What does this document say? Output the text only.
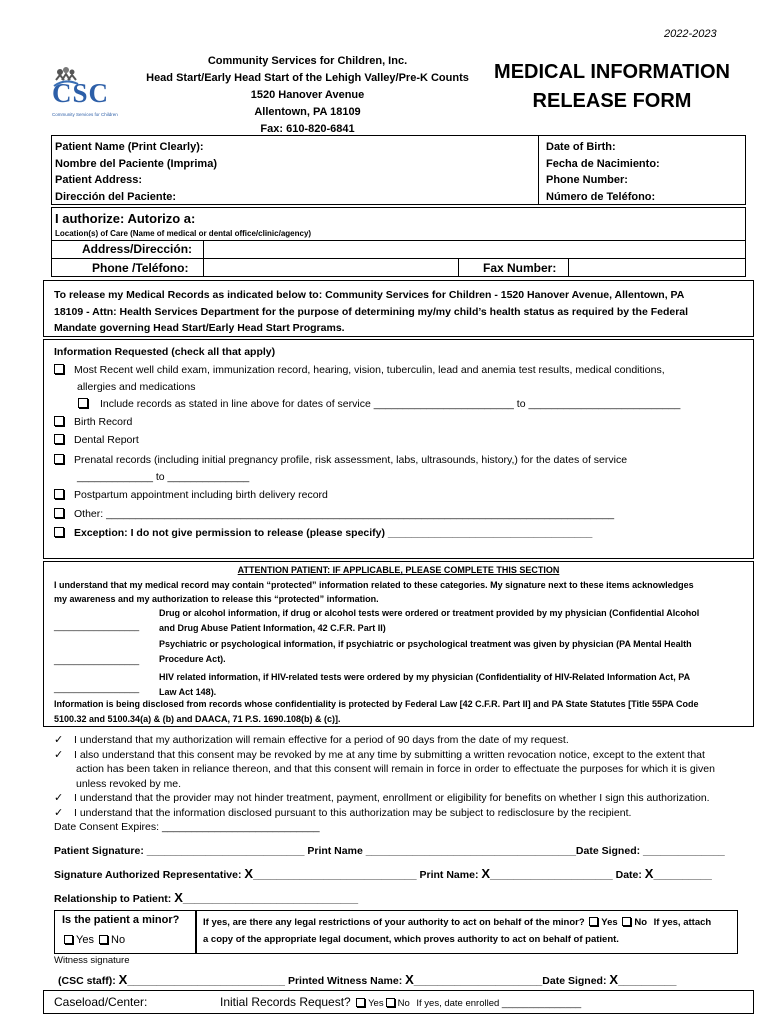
2022-2023
CSC
Community Services for Children
Community Services for Children, Inc.
Head Start/Early Head Start of the Lehigh Valley/Pre-K Counts
1520 Hanover Avenue
Allentown, PA 18109
Fax: 610-820-6841
MEDICAL INFORMATION
RELEASE FORM
Patient Name (Print Clearly):
Nombre del Paciente (Imprima)
Patient Address:
Dirección del Paciente:
Date of Birth:
Fecha de Nacimiento:
Phone Number:
Número de Teléfono:
I authorize: Autorizo a:
Location(s) of Care (Name of medical or dental office/clinic/agency)
Address/Dirección:
Phone /Teléfono:	Fax Number:
To release my Medical Records as indicated below to: Community Services for Children - 1520 Hanover Avenue, Allentown, PA
18109 - Attn: Health Services Department for the purpose of determining my/my child’s health status as required by the Federal
Mandate governing Head Start/Early Head Start Programs.
Information Requested (check all that apply)
Most Recent well child exam, immunization record, hearing, vision, tuberculin, lead and anemia test results, medical conditions,
allergies and medications
Include records as stated in line above for dates of service ________________________ to __________________________
Birth Record
Dental Report
Prenatal records (including initial pregnancy profile, risk assessment, labs, ultrasounds, history,) for the dates of service
_____________ to ______________
Postpartum appointment including birth delivery record
Other: _______________________________________________________________________________________
Exception: I do not give permission to release (please specify) ___________________________________
ATTENTION PATIENT: IF APPLICABLE, PLEASE COMPLETE THIS SECTION
I understand that my medical record may contain “protected” information related to these categories. My signature next to these items acknowledges
my awareness and my authorization to release this “protected” information.
_________________
Drug or alcohol information, if drug or alcohol tests were ordered or treatment provided by my physician (Confidential Alcohol
and Drug Abuse Patient Information, 42 C.F.R. Part II)
_________________
Psychiatric or psychological information, if psychiatric or psychological treatment was given by physician (PA Mental Health
Procedure Act).
_________________
HIV related information, if HIV-related tests were ordered by my physician (Confidentiality of HIV-Related Information Act, PA
Law Act 148).
Information is being disclosed from records whose confidentiality is protected by Federal Law [42 C.F.R. Part II] and PA State Statutes [Title 55PA Code
5100.32 and 5100.34(a) & (b) and DAACA, 71 P.S. 1690.108(b) & (c)].
✓ I understand that my authorization will remain effective for a period of 90 days from the date of my request.
✓ I also understand that this consent may be revoked by me at any time by submitting a written revocation notice, except to the extent that
action has been taken in reliance thereon, and that this consent will remain in force in order to effectuate the purposes for which it is given
unless revoked by me.
✓ I understand that the provider may not hinder treatment, payment, enrollment or eligibility for benefits on whether I sign this authorization.
✓ I understand that the information disclosed pursuant to this authorization may be subject to redisclosure by the recipient.
Date Consent Expires: ___________________________
Patient Signature: ___________________________ Print Name ____________________________________Date Signed: ______________
Signature Authorized Representative: X____________________________ Print Name: X_____________________ Date: X__________
Relationship to Patient: X______________________________
Is the patient a minor?
Yes No
If yes, are there any legal restrictions of your authority to act on behalf of the minor? Yes No If yes, attach
a copy of the appropriate legal document, which proves authority to act on behalf of patient.
Witness signature
(CSC staff): X___________________________ Printed Witness Name: X______________________Date Signed: X__________
Caseload/Center:	Initial Records Request? Yes No If yes, date enrolled _______________
